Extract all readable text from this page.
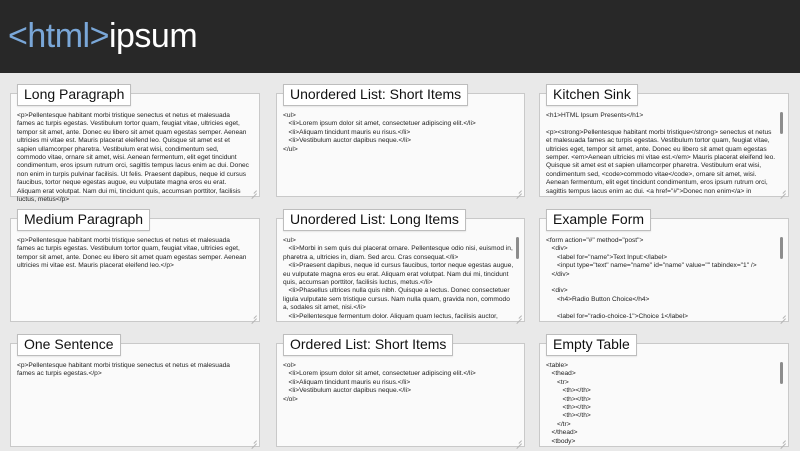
<html>ipsum
Long Paragraph
<p>Pellentesque habitant morbi tristique senectus et netus et malesuada fames ac turpis egestas. Vestibulum tortor quam, feugiat vitae, ultricies eget, tempor sit amet, ante. Donec eu libero sit amet quam egestas semper. Aenean ultricies mi vitae est. Mauris placerat eleifend leo. Quisque sit amet est et sapien ullamcorper pharetra. Vestibulum erat wisi, condimentum sed, commodo vitae, ornare sit amet, wisi. Aenean fermentum, elit eget tincidunt condimentum, eros ipsum rutrum orci, sagittis tempus lacus enim ac dui. Donec non enim in turpis pulvinar facilisis. Ut felis. Praesent dapibus, neque id cursus faucibus, tortor neque egestas augue, eu vulputate magna eros eu erat. Aliquam erat volutpat. Nam dui mi, tincidunt quis, accumsan porttitor, facilisis luctus, metus</p>
Unordered List: Short Items
<ul>
<li>Lorem ipsum dolor sit amet, consectetuer adipiscing elit.</li>
<li>Aliquam tincidunt mauris eu risus.</li>
<li>Vestibulum auctor dapibus neque.</li>
</ul>
Kitchen Sink
<h1>HTML Ipsum Presents</h1>

<p><strong>Pellentesque habitant morbi tristique</strong> senectus et netus et malesuada fames ac turpis egestas. Vestibulum tortor quam, feugiat vitae, ultricies eget, tempor sit amet, ante. Donec eu libero sit amet quam egestas semper. <em>Aenean ultricies mi vitae est.</em> Mauris placerat eleifend leo. Quisque sit amet est et sapien ullamcorper pharetra. Vestibulum erat wisi, condimentum sed, <code>commodo vitae</code>, ornare sit amet, wisi. Aenean fermentum, elit eget tincidunt condimentum, eros ipsum rutrum orci, sagittis tempus lacus enim ac dui. <a href="#">Donec non enim</a> in
Medium Paragraph
<p>Pellentesque habitant morbi tristique senectus et netus et malesuada fames ac turpis egestas. Vestibulum tortor quam, feugiat vitae, ultricies eget, tempor sit amet, ante. Donec eu libero sit amet quam egestas semper. Aenean ultricies mi vitae est. Mauris placerat eleifend leo.</p>
Unordered List: Long Items
<ul>
<li>Morbi in sem quis dui placerat ornare. Pellentesque odio nisi, euismod in, pharetra a, ultricies in, diam. Sed arcu. Cras consequat.</li>
<li>Praesent dapibus, neque id cursus faucibus, tortor neque egestas augue, eu vulputate magna eros eu erat. Aliquam erat volutpat. Nam dui mi, tincidunt quis, accumsan porttitor, facilisis luctus, metus.</li>
<li>Phasellus ultrices nulla quis nibh. Quisque a lectus. Donec consectetuer ligula vulputate sem tristique cursus. Nam nulla quam, gravida non, commodo a, sodales sit amet, nisi.</li>
<li>Pellentesque fermentum dolor. Aliquam quam lectus, facilisis auctor,
Example Form
<form action="#" method="post">
<div>
<label for="name">Text Input:</label>
<input type="text" name="name" id="name" value="" tabindex="1" />
</div>

<div>
<h4>Radio Button Choice</h4>

<label for="radio-choice-1">Choice 1</label>
One Sentence
<p>Pellentesque habitant morbi tristique senectus et netus et malesuada fames ac turpis egestas.</p>
Ordered List: Short Items
<ol>
<li>Lorem ipsum dolor sit amet, consectetuer adipiscing elit.</li>
<li>Aliquam tincidunt mauris eu risus.</li>
<li>Vestibulum auctor dapibus neque.</li>
</ol>
Empty Table
<table>
<thead>
<tr>
<th></th>
<th></th>
<th></th>
<th></th>
</tr>
</thead>
<tbody>
